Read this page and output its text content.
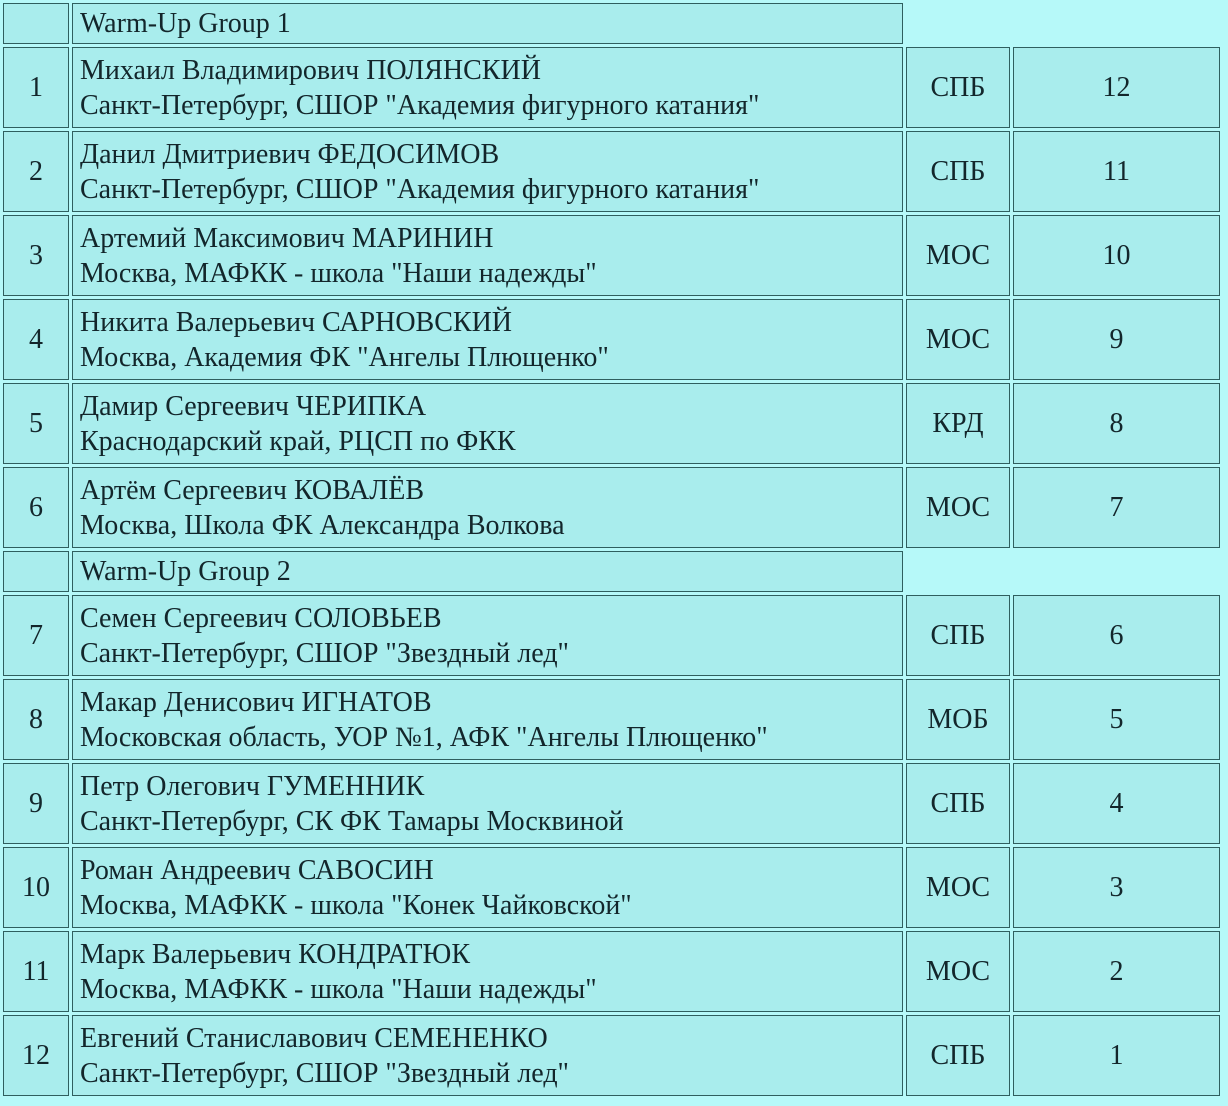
	Warm-Up Group 1		
1	Михаил Владимирович ПОЛЯНСКИЙ
Санкт-Петербург, СШОР "Академия фигурного катания"	СПБ	12
2	Данил Дмитриевич ФЕДОСИМОВ
Санкт-Петербург, СШОР "Академия фигурного катания"	СПБ	11
3	Артемий Максимович МАРИНИН
Москва, МАФКК - школа "Наши надежды"	МОС	10
4	Никита Валерьевич САРНОВСКИЙ
Москва, Академия ФК "Ангелы Плющенко"	МОС	9
5	Дамир Сергеевич ЧЕРИПКА
Краснодарский край, РЦСП по ФКК	КРД	8
6	Артём Сергеевич КОВАЛЁВ
Москва, Школа ФК Александра Волкова	МОС	7
	Warm-Up Group 2		
7	Семен Сергеевич СОЛОВЬЕВ
Санкт-Петербург, СШОР "Звездный лед"	СПБ	6
8	Макар Денисович ИГНАТОВ
Московская область, УОР №1, АФК "Ангелы Плющенко"	МОБ	5
9	Петр Олегович ГУМЕННИК
Санкт-Петербург, СК ФК Тамары Москвиной	СПБ	4
10	Роман Андреевич САВОСИН
Москва, МАФКК - школа "Конек Чайковской"	МОС	3
11	Марк Валерьевич КОНДРАТЮК
Москва, МАФКК - школа "Наши надежды"	МОС	2
12	Евгений Станиславович СЕМЕНЕНКО
Санкт-Петербург, СШОР "Звездный лед"	СПБ	1
